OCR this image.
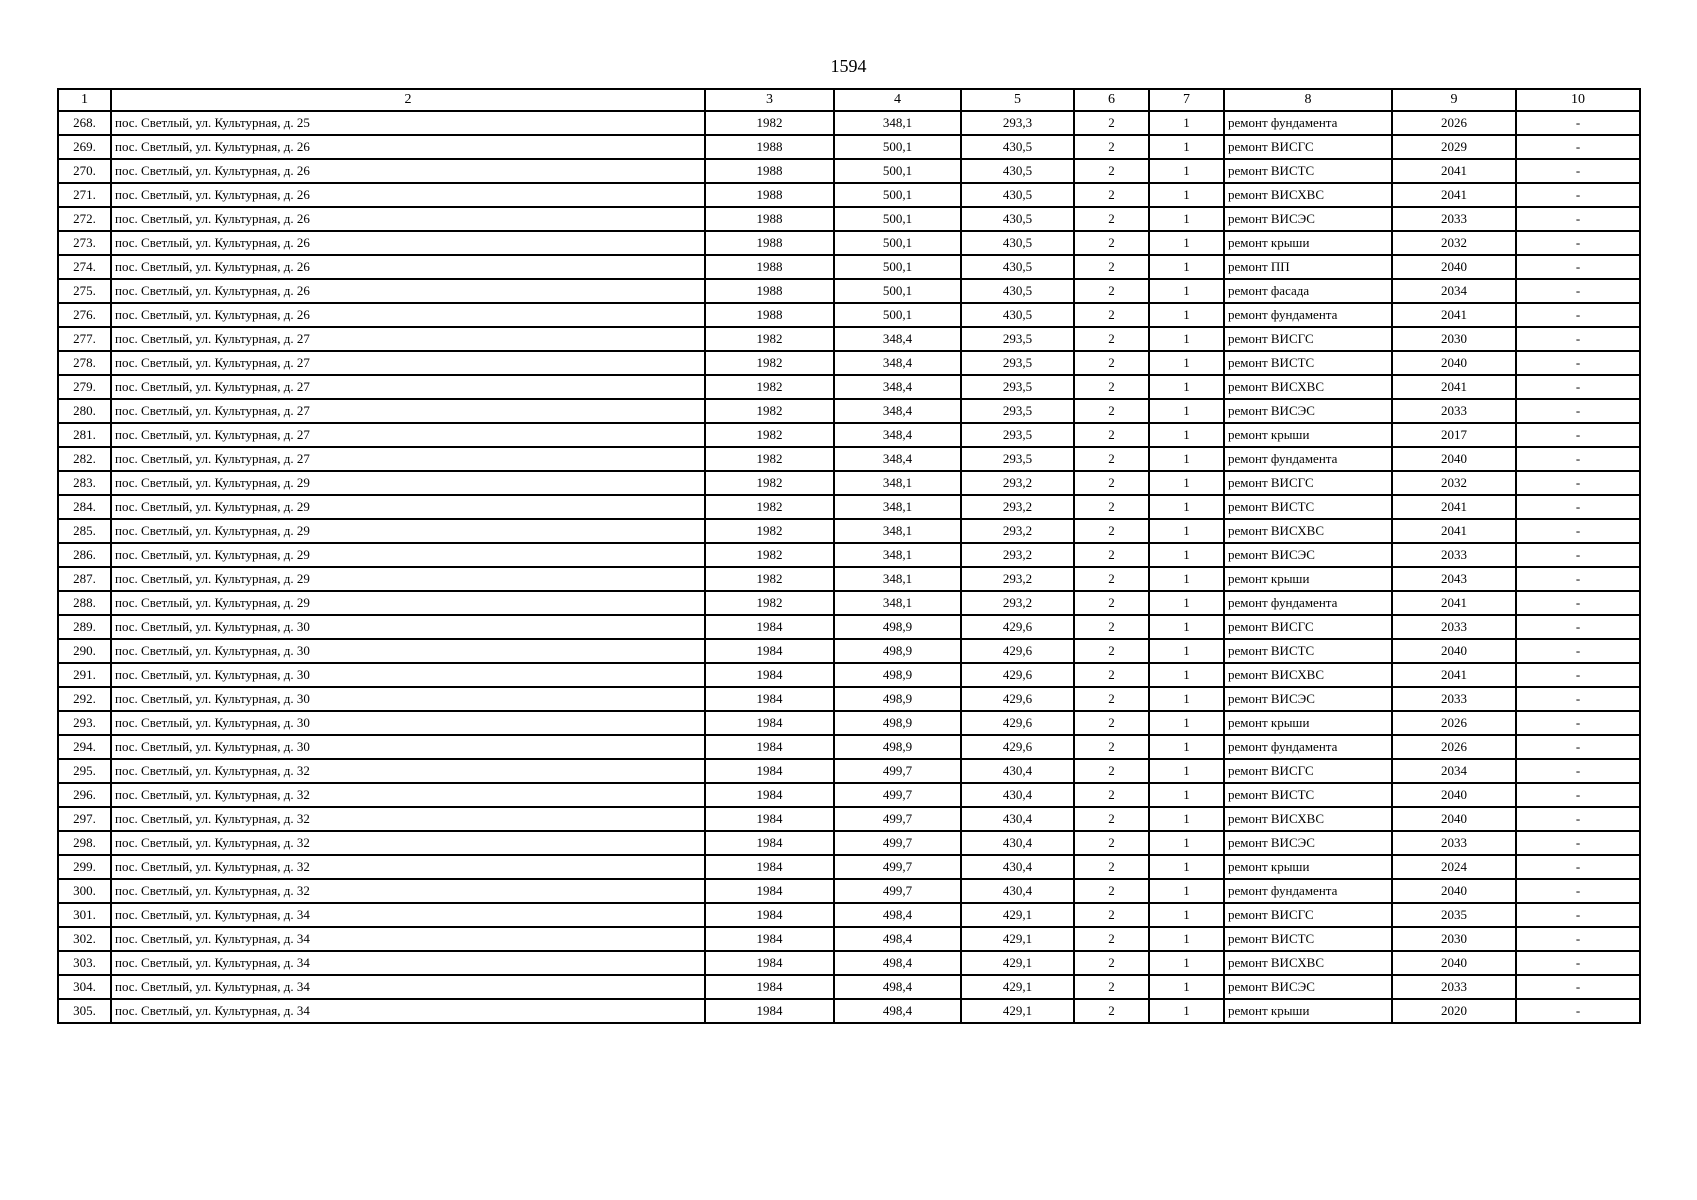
1594
1	2	3	4	5	6	7	8	9	10
268.	пос. Светлый, ул. Культурная, д. 25	1982	348,1	293,3	2	1	ремонт фундамента	2026	-
269.	пос. Светлый, ул. Культурная, д. 26	1988	500,1	430,5	2	1	ремонт ВИСГС	2029	-
270.	пос. Светлый, ул. Культурная, д. 26	1988	500,1	430,5	2	1	ремонт ВИСТС	2041	-
271.	пос. Светлый, ул. Культурная, д. 26	1988	500,1	430,5	2	1	ремонт ВИСХВС	2041	-
272.	пос. Светлый, ул. Культурная, д. 26	1988	500,1	430,5	2	1	ремонт ВИСЭС	2033	-
273.	пос. Светлый, ул. Культурная, д. 26	1988	500,1	430,5	2	1	ремонт крыши	2032	-
274.	пос. Светлый, ул. Культурная, д. 26	1988	500,1	430,5	2	1	ремонт ПП	2040	-
275.	пос. Светлый, ул. Культурная, д. 26	1988	500,1	430,5	2	1	ремонт фасада	2034	-
276.	пос. Светлый, ул. Культурная, д. 26	1988	500,1	430,5	2	1	ремонт фундамента	2041	-
277.	пос. Светлый, ул. Культурная, д. 27	1982	348,4	293,5	2	1	ремонт ВИСГС	2030	-
278.	пос. Светлый, ул. Культурная, д. 27	1982	348,4	293,5	2	1	ремонт ВИСТС	2040	-
279.	пос. Светлый, ул. Культурная, д. 27	1982	348,4	293,5	2	1	ремонт ВИСХВС	2041	-
280.	пос. Светлый, ул. Культурная, д. 27	1982	348,4	293,5	2	1	ремонт ВИСЭС	2033	-
281.	пос. Светлый, ул. Культурная, д. 27	1982	348,4	293,5	2	1	ремонт крыши	2017	-
282.	пос. Светлый, ул. Культурная, д. 27	1982	348,4	293,5	2	1	ремонт фундамента	2040	-
283.	пос. Светлый, ул. Культурная, д. 29	1982	348,1	293,2	2	1	ремонт ВИСГС	2032	-
284.	пос. Светлый, ул. Культурная, д. 29	1982	348,1	293,2	2	1	ремонт ВИСТС	2041	-
285.	пос. Светлый, ул. Культурная, д. 29	1982	348,1	293,2	2	1	ремонт ВИСХВС	2041	-
286.	пос. Светлый, ул. Культурная, д. 29	1982	348,1	293,2	2	1	ремонт ВИСЭС	2033	-
287.	пос. Светлый, ул. Культурная, д. 29	1982	348,1	293,2	2	1	ремонт крыши	2043	-
288.	пос. Светлый, ул. Культурная, д. 29	1982	348,1	293,2	2	1	ремонт фундамента	2041	-
289.	пос. Светлый, ул. Культурная, д. 30	1984	498,9	429,6	2	1	ремонт ВИСГС	2033	-
290.	пос. Светлый, ул. Культурная, д. 30	1984	498,9	429,6	2	1	ремонт ВИСТС	2040	-
291.	пос. Светлый, ул. Культурная, д. 30	1984	498,9	429,6	2	1	ремонт ВИСХВС	2041	-
292.	пос. Светлый, ул. Культурная, д. 30	1984	498,9	429,6	2	1	ремонт ВИСЭС	2033	-
293.	пос. Светлый, ул. Культурная, д. 30	1984	498,9	429,6	2	1	ремонт крыши	2026	-
294.	пос. Светлый, ул. Культурная, д. 30	1984	498,9	429,6	2	1	ремонт фундамента	2026	-
295.	пос. Светлый, ул. Культурная, д. 32	1984	499,7	430,4	2	1	ремонт ВИСГС	2034	-
296.	пос. Светлый, ул. Культурная, д. 32	1984	499,7	430,4	2	1	ремонт ВИСТС	2040	-
297.	пос. Светлый, ул. Культурная, д. 32	1984	499,7	430,4	2	1	ремонт ВИСХВС	2040	-
298.	пос. Светлый, ул. Культурная, д. 32	1984	499,7	430,4	2	1	ремонт ВИСЭС	2033	-
299.	пос. Светлый, ул. Культурная, д. 32	1984	499,7	430,4	2	1	ремонт крыши	2024	-
300.	пос. Светлый, ул. Культурная, д. 32	1984	499,7	430,4	2	1	ремонт фундамента	2040	-
301.	пос. Светлый, ул. Культурная, д. 34	1984	498,4	429,1	2	1	ремонт ВИСГС	2035	-
302.	пос. Светлый, ул. Культурная, д. 34	1984	498,4	429,1	2	1	ремонт ВИСТС	2030	-
303.	пос. Светлый, ул. Культурная, д. 34	1984	498,4	429,1	2	1	ремонт ВИСХВС	2040	-
304.	пос. Светлый, ул. Культурная, д. 34	1984	498,4	429,1	2	1	ремонт ВИСЭС	2033	-
305.	пос. Светлый, ул. Культурная, д. 34	1984	498,4	429,1	2	1	ремонт крыши	2020	-
